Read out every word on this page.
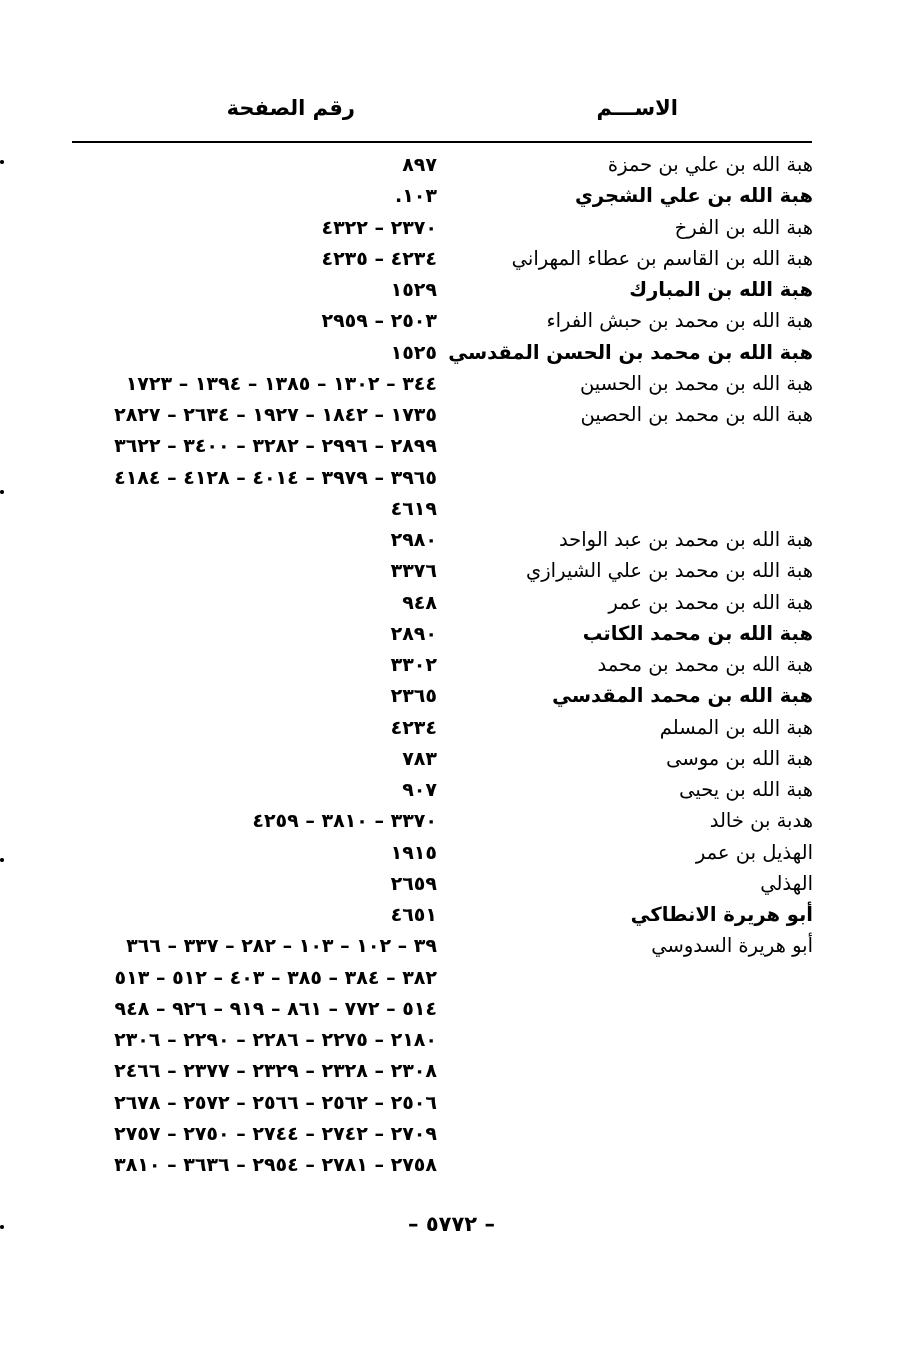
الاســـم
رقم الصفحة
هبة الله بن علي بن حمزة
٨٩٧
هبة الله بن علي الشجري
١٠٣.
هبة الله بن الفرخ
٢٣٧٠ – ٤٣٢٢
هبة الله بن القاسم بن عطاء المهراني
٤٢٣٤ – ٤٢٣٥
هبة الله بن المبارك
١٥٢٩
هبة الله بن محمد بن حبش الفراء
٢٥٠٣ – ٢٩٥٩
هبة الله بن محمد بن الحسن المقدسي
١٥٢٥
هبة الله بن محمد بن الحسين
٣٤٤ – ١٣٠٢ – ١٣٨٥ – ١٣٩٤ – ١٧٢٣
هبة الله بن محمد بن الحصين
١٧٣٥ – ١٨٤٢ – ١٩٢٧ – ٢٦٣٤ – ٢٨٢٧
٢٨٩٩ – ٢٩٩٦ – ٣٢٨٢ – ٣٤٠٠ – ٣٦٢٢
٣٩٦٥ – ٣٩٧٩ – ٤٠١٤ – ٤١٢٨ – ٤١٨٤
٤٦١٩
هبة الله بن محمد بن عبد الواحد
٢٩٨٠
هبة الله بن محمد بن علي الشيرازي
٣٣٧٦
هبة الله بن محمد بن عمر
٩٤٨
هبة الله بن محمد الكاتب
٢٨٩٠
هبة الله بن محمد بن محمد
٣٣٠٢
هبة الله بن محمد المقدسي
٢٣٦٥
هبة الله بن المسلم
٤٢٣٤
هبة الله بن موسى
٧٨٣
هبة الله بن يحيى
٩٠٧
هدبة بن خالد
٣٣٧٠ – ٣٨١٠ – ٤٢٥٩
الهذيل بن عمر
١٩١٥
الهذلي
٢٦٥٩
أبو هريرة الانطاكي
٤٦٥١
أبو هريرة السدوسي
٣٩ – ١٠٢ – ١٠٣ – ٢٨٢ – ٣٣٧ – ٣٦٦
٣٨٢ – ٣٨٤ – ٣٨٥ – ٤٠٣ – ٥١٢ – ٥١٣
٥١٤ – ٧٧٢ – ٨٦١ – ٩١٩ – ٩٢٦ – ٩٤٨
٢١٨٠ – ٢٢٧٥ – ٢٢٨٦ – ٢٢٩٠ – ٢٣٠٦
٢٣٠٨ – ٢٣٢٨ – ٢٣٢٩ – ٢٣٧٧ – ٢٤٦٦
٢٥٠٦ – ٢٥٦٢ – ٢٥٦٦ – ٢٥٧٢ – ٢٦٧٨
٢٧٠٩ – ٢٧٤٢ – ٢٧٤٤ – ٢٧٥٠ – ٢٧٥٧
٢٧٥٨ – ٢٧٨١ – ٢٩٥٤ – ٣٦٣٦ – ٣٨١٠
– ٥٧٧٢ –
